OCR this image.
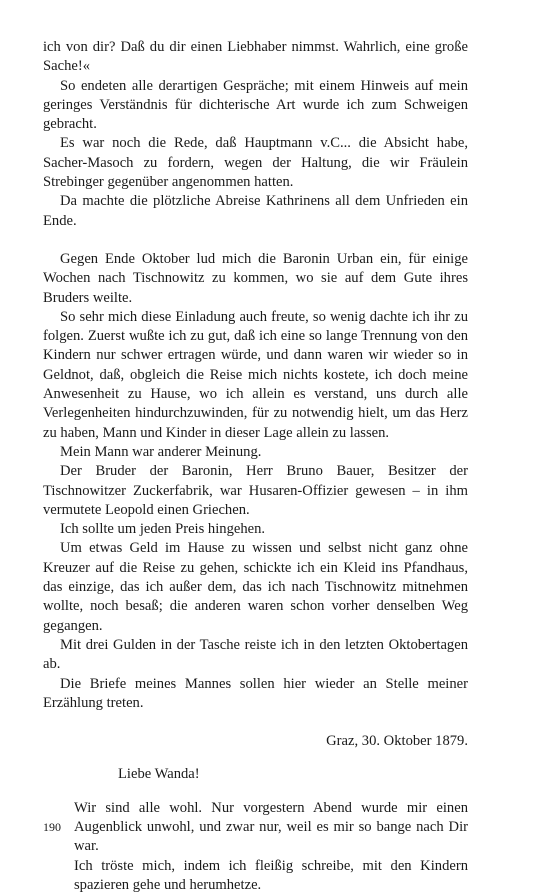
ich von dir? Daß du dir einen Liebhaber nimmst. Wahrlich, eine große Sache!«

So endeten alle derartigen Gespräche; mit einem Hinweis auf mein geringes Verständnis für dichterische Art wurde ich zum Schweigen gebracht.

Es war noch die Rede, daß Hauptmann v.C... die Absicht habe, Sacher-Masoch zu fordern, wegen der Haltung, die wir Fräulein Strebinger gegenüber angenommen hatten.

Da machte die plötzliche Abreise Kathrinens all dem Unfrieden ein Ende.

Gegen Ende Oktober lud mich die Baronin Urban ein, für einige Wochen nach Tischnowitz zu kommen, wo sie auf dem Gute ihres Bruders weilte.

So sehr mich diese Einladung auch freute, so wenig dachte ich ihr zu folgen. Zuerst wußte ich zu gut, daß ich eine so lange Trennung von den Kindern nur schwer ertragen würde, und dann waren wir wieder so in Geldnot, daß, obgleich die Reise mich nichts kostete, ich doch meine Anwesenheit zu Hause, wo ich allein es verstand, uns durch alle Verlegenheiten hindurchzuwinden, für zu notwendig hielt, um das Herz zu haben, Mann und Kinder in dieser Lage allein zu lassen.

Mein Mann war anderer Meinung.

Der Bruder der Baronin, Herr Bruno Bauer, Besitzer der Tischnowitzer Zuckerfabrik, war Husaren-Offizier gewesen – in ihm vermutete Leopold einen Griechen.

Ich sollte um jeden Preis hingehen.

Um etwas Geld im Hause zu wissen und selbst nicht ganz ohne Kreuzer auf die Reise zu gehen, schickte ich ein Kleid ins Pfandhaus, das einzige, das ich außer dem, das ich nach Tischnowitz mitnehmen wollte, noch besaß; die anderen waren schon vorher denselben Weg gegangen.

Mit drei Gulden in der Tasche reiste ich in den letzten Oktobertagen ab.

Die Briefe meines Mannes sollen hier wieder an Stelle meiner Erzählung treten.

Graz, 30. Oktober 1879.

Liebe Wanda!

Wir sind alle wohl. Nur vorgestern Abend wurde mir einen Augenblick unwohl, und zwar nur, weil es mir so bange nach Dir war.

Ich tröste mich, indem ich fleißig schreibe, mit den Kindern spazieren gehe und herumhetze.

190
